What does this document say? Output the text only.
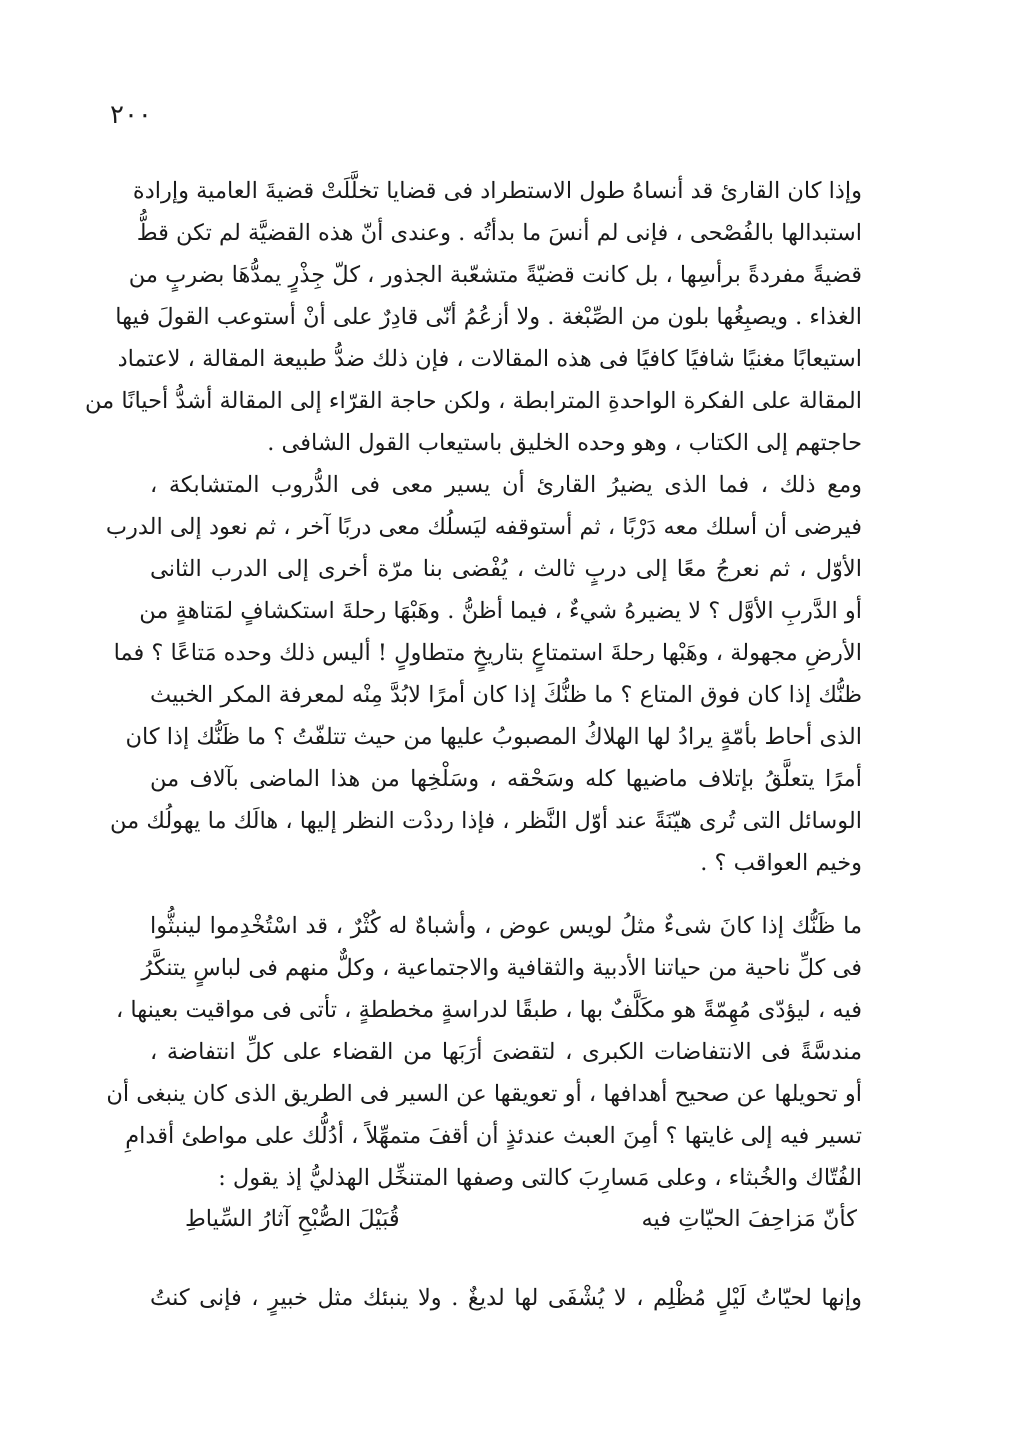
٢٠٠
وإذا كان القارئ قد أنساهُ طول الاستطراد فى قضايا تخلَّلَتْ قضيةَ العامية وإرادة
استبدالها بالفُصْحى ، فإنى لم أنسَ ما بدأتُه . وعندى أنّ هذه القضيَّة لم تكن قطُّ
قضيةً مفردةً برأسِها ، بل كانت قضيّةً متشعّبة الجذور ، كلّ جِذْرٍ يمدُّهَا بضربٍ من
الغذاء . ويصبِغُها بلون من الصِّبْغة . ولا أزعُمُ أنّى قادِرٌ على أنْ أستوعب القولَ فيها
استيعابًا مغنيًا شافيًا كافيًا فى هذه المقالات ، فإن ذلك ضدُّ طبيعة المقالة ، لاعتماد
المقالة على الفكرة الواحدةِ المترابطة ، ولكن حاجة القرّاء إلى المقالة أشدُّ أحيانًا من
حاجتهم إلى الكتاب ، وهو وحده الخليق باستيعاب القول الشافى .
ومع ذلك ، فما الذى يضيرُ القارئ أن يسير معى فى الدُّروب المتشابكة ،
فيرضى أن أسلك معه دَرْبًا ، ثم أستوقفه ليَسلُك معى دربًا آخر ، ثم نعود إلى الدرب
الأوّل ، ثم نعرجُ معًا إلى دربٍ ثالث ، يُفْضى بنا مرّة أخرى إلى الدرب الثانى
أو الدَّربِ الأوَّل ؟ لا يضيرهُ شيءٌ ، فيما أظنُّ . وهَبْهَا رحلةَ استكشافٍ لمَتاهةٍ من
الأرضِ مجهولة ، وهَبْها رحلةَ استمتاعٍ بتاريخٍ متطاولٍ ! أليس ذلك وحده مَتاعًا ؟ فما
ظنُّك إذا كان فوق المتاع ؟ ما ظنُّكَ إذا كان أمرًا لابُدَّ مِنْه لمعرفة المكر الخبيث
الذى أحاط بأمّةٍ يرادُ لها الهلاكُ المصبوبُ عليها من حيث تتلفّتُ ؟ ما ظَنُّك إذا كان
أمرًا يتعلَّقُ بإتلاف ماضيها كله وسَحْقه ، وسَلْخِها من هذا الماضى بآلاف من
الوسائل التى تُرى هيّنَةً عند أوّل النَّظر ، فإذا رددْت النظر إليها ، هالَك ما يهولُك من
وخيم العواقب ؟ .
ما ظَنُّك إذا كانَ شىءٌ مثلُ لويس عوض ، وأشباهٌ له كُثْرٌ ، قد اسْتُخْدِموا لينبثُّوا
فى كلِّ ناحية من حياتنا الأدبية والثقافية والاجتماعية ، وكلٌّ منهم فى لباسٍ يتنكَّرُ
فيه ، ليؤدّى مُهِمّةً هو مكَلَّفٌ بها ، طبقًا لدراسةٍ مخططةٍ ، تأتى فى مواقيت بعينها ،
مندسَّةً فى الانتفاضات الكبرى ، لتقضىَ أرَبَها من القضاء على كلِّ انتفاضة ،
أو تحويلها عن صحيح أهدافها ، أو تعويقها عن السير فى الطريق الذى كان ينبغى أن
تسير فيه إلى غايتها ؟ أمِنَ العبث عندئذٍ أن أقفَ متمهِّلاً ، أدُلُّك على مواطئ أقدامِ
الفُتّاك والخُبثاء ، وعلى مَسارِبَ كالتى وصفها المتنخِّل الهذليُّ إذ يقول :
كأنّ مَزاحِفَ الحيّاتِ فيه
قُبَيْلَ الصُّبْحِ آثارُ السِّياطِ
وإنها لحيّاتُ لَيْلٍ مُظْلِم ، لا يُشْفَى لها لديغٌ . ولا ينبئك مثل خبيرٍ ، فإنى كنتُ
